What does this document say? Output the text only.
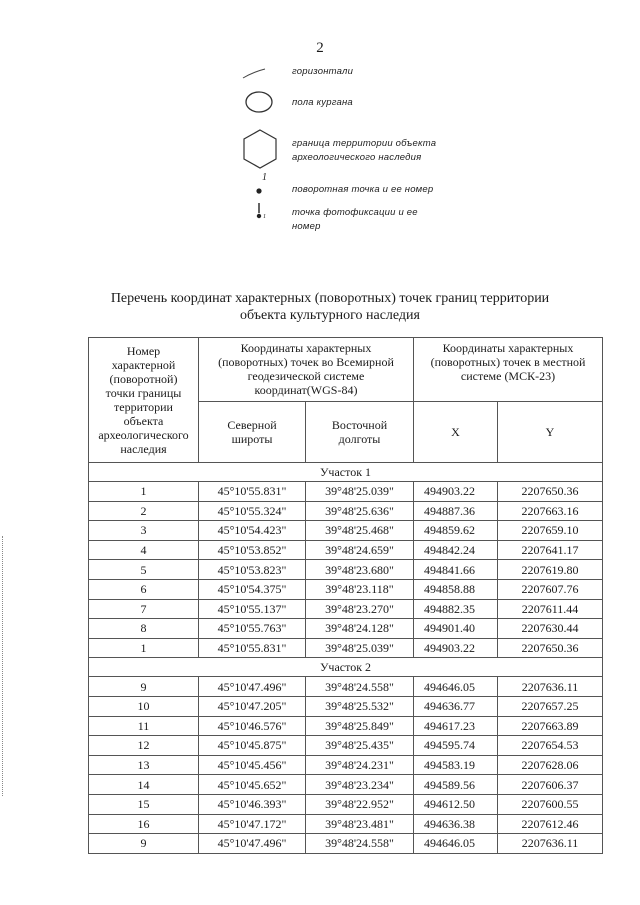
2
горизонтали
пола кургана
граница территории объекта
археологического наследия
1
поворотная точка и ее номер
1	точка фотофиксации и ее
номер
Перечень координат характерных (поворотных) точек границ территории
объекта культурного наследия
Номер
характерной
(поворотной)
точки границы
территории
объекта
археологического
наследия

Координаты характерных
(поворотных) точек во Всемирной
геодезической системе
координат(WGS-84)

Координаты характерных
(поворотных) точек в местной
системе (МСК-23)

Северной
широты

Восточной
долготы	X	Y
Участок 1				
1	45°10'55.831"	39°48'25.039"	494903.22	2207650.36
2	45°10'55.324"	39°48'25.636"	494887.36	2207663.16
3	45°10'54.423"	39°48'25.468"	494859.62	2207659.10
4	45°10'53.852"	39°48'24.659"	494842.24	2207641.17
5	45°10'53.823"	39°48'23.680"	494841.66	2207619.80
6	45°10'54.375"	39°48'23.118"	494858.88	2207607.76
7	45°10'55.137"	39°48'23.270"	494882.35	2207611.44
8	45°10'55.763"	39°48'24.128"	494901.40	2207630.44
1	45°10'55.831"	39°48'25.039"	494903.22	2207650.36
Участок 2				
9	45°10'47.496"	39°48'24.558"	494646.05	2207636.11
10	45°10'47.205"	39°48'25.532"	494636.77	2207657.25
11	45°10'46.576"	39°48'25.849"	494617.23	2207663.89
12	45°10'45.875"	39°48'25.435"	494595.74	2207654.53
13	45°10'45.456"	39°48'24.231"	494583.19	2207628.06
14	45°10'45.652"	39°48'23.234"	494589.56	2207606.37
15	45°10'46.393"	39°48'22.952"	494612.50	2207600.55
16	45°10'47.172"	39°48'23.481"	494636.38	2207612.46
9	45°10'47.496"	39°48'24.558"	494646.05	2207636.11
